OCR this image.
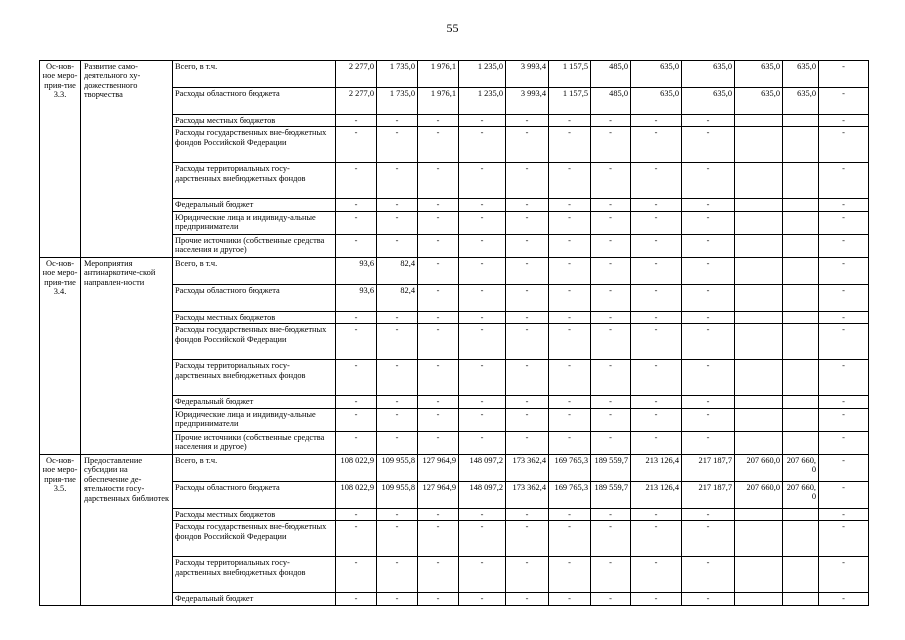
55
Ос-нов-ное меро-прия-тие 3.3.	Развитие само-деятельного ху-дожественного творчества	Всего, в т.ч.	2 277,0	1 735,0	1 976,1	1 235,0	3 993,4	1 157,5	485,0	635,0	635,0	635,0	635,0	-
		Расходы областного бюджета	2 277,0	1 735,0	1 976,1	1 235,0	3 993,4	1 157,5	485,0	635,0	635,0	635,0	635,0	-
		Расходы местных бюджетов	-	-	-	-	-	-	-	-	-			-
		Расходы государственных вне-бюджетных фондов Российской Федерации	-	-	-	-	-	-	-	-	-			-
		Расходы территориальных госу-дарственных внебюджетных фондов	-	-	-	-	-	-	-	-	-			-
		Федеральный бюджет	-	-	-	-	-	-	-	-	-			-
		Юридические лица и индивиду-альные предприниматели	-	-	-	-	-	-	-	-	-			-
		Прочие источники (собственные средства населения и другое)	-	-	-	-	-	-	-	-	-			-
Ос-нов-ное меро-прия-тие 3.4.	Мероприятия антинаркотиче-ской направлен-ности	Всего, в т.ч.	93,6	82,4	-	-	-	-	-	-	-			-
		Расходы областного бюджета	93,6	82,4	-	-	-	-	-	-	-			-
		Расходы местных бюджетов	-	-	-	-	-	-	-	-	-			-
		Расходы государственных вне-бюджетных фондов Российской Федерации	-	-	-	-	-	-	-	-	-			-
		Расходы территориальных госу-дарственных внебюджетных фондов	-	-	-	-	-	-	-	-	-			-
		Федеральный бюджет	-	-	-	-	-	-	-	-	-			-
		Юридические лица и индивиду-альные предприниматели	-	-	-	-	-	-	-	-	-			-
		Прочие источники (собственные средства населения и другое)	-	-	-	-	-	-	-	-	-			-
Ос-нов-ное меро-прия-тие 3.5.	Предоставление субсидии на обеспечение де-ятельности госу-дарственных библиотек	Всего, в т.ч.	108 022,9	109 955,8	127 964,9	148 097,2	173 362,4	169 765,3	189 559,7	213 126,4	217 187,7	207 660,0	207 660,0	-
		Расходы областного бюджета	108 022,9	109 955,8	127 964,9	148 097,2	173 362,4	169 765,3	189 559,7	213 126,4	217 187,7	207 660,0	207 660,0	-
		Расходы местных бюджетов	-	-	-	-	-	-	-	-	-			-
		Расходы государственных вне-бюджетных фондов Российской Федерации	-	-	-	-	-	-	-	-	-			-
		Расходы территориальных госу-дарственных внебюджетных фондов	-	-	-	-	-	-	-	-	-			-
		Федеральный бюджет	-	-	-	-	-	-	-	-	-			-
